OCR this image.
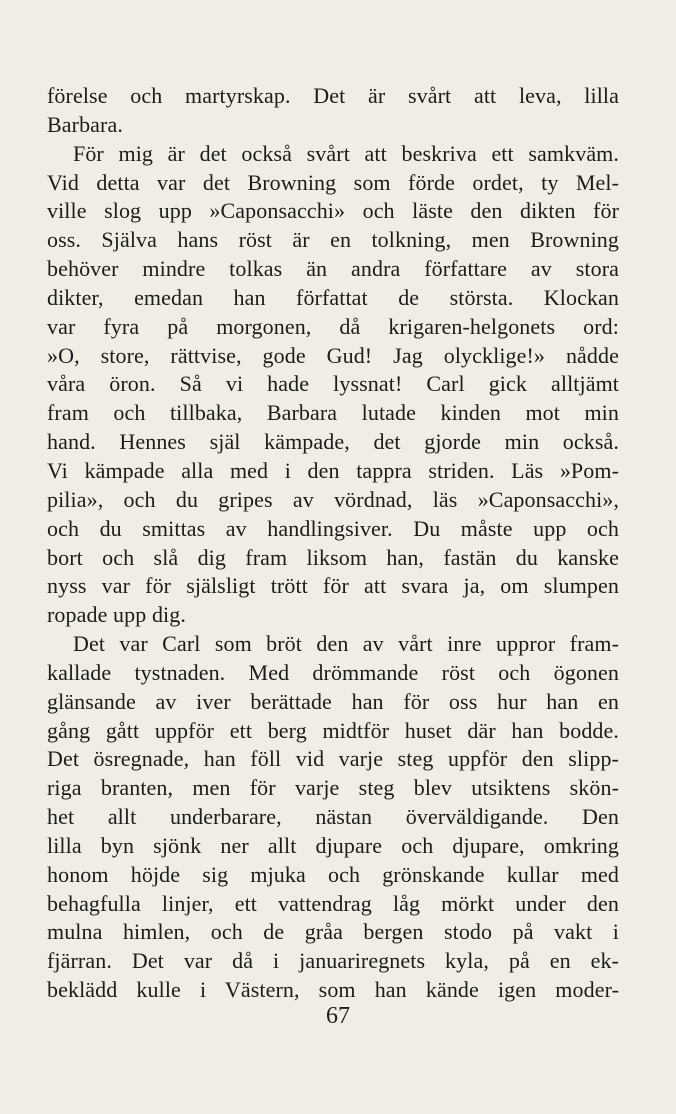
förelse och martyrskap. Det är svårt att leva, lilla
Barbara.
För mig är det också svårt att beskriva ett samkväm.
Vid detta var det Browning som förde ordet, ty Mel-
ville slog upp »Caponsacchi» och läste den dikten för
oss. Själva hans röst är en tolkning, men Browning
behöver mindre tolkas än andra författare av stora
dikter, emedan han författat de största. Klockan
var fyra på morgonen, då krigaren-helgonets ord:
»O, store, rättvise, gode Gud! Jag olycklige!» nådde
våra öron. Så vi hade lyssnat! Carl gick alltjämt
fram och tillbaka, Barbara lutade kinden mot min
hand. Hennes själ kämpade, det gjorde min också.
Vi kämpade alla med i den tappra striden. Läs »Pom-
pilia», och du gripes av vördnad, läs »Caponsacchi»,
och du smittas av handlingsiver. Du måste upp och
bort och slå dig fram liksom han, fastän du kanske
nyss var för själsligt trött för att svara ja, om slumpen
ropade upp dig.
Det var Carl som bröt den av vårt inre uppror fram-
kallade tystnaden. Med drömmande röst och ögonen
glänsande av iver berättade han för oss hur han en
gång gått uppför ett berg midtför huset där han bodde.
Det ösregnade, han föll vid varje steg uppför den slipp-
riga branten, men för varje steg blev utsiktens skön-
het allt underbarare, nästan överväldigande. Den
lilla byn sjönk ner allt djupare och djupare, omkring
honom höjde sig mjuka och grönskande kullar med
behagfulla linjer, ett vattendrag låg mörkt under den
mulna himlen, och de gråa bergen stodo på vakt i
fjärran. Det var då i januariregnets kyla, på en ek-
beklädd kulle i Västern, som han kände igen moder-
67
